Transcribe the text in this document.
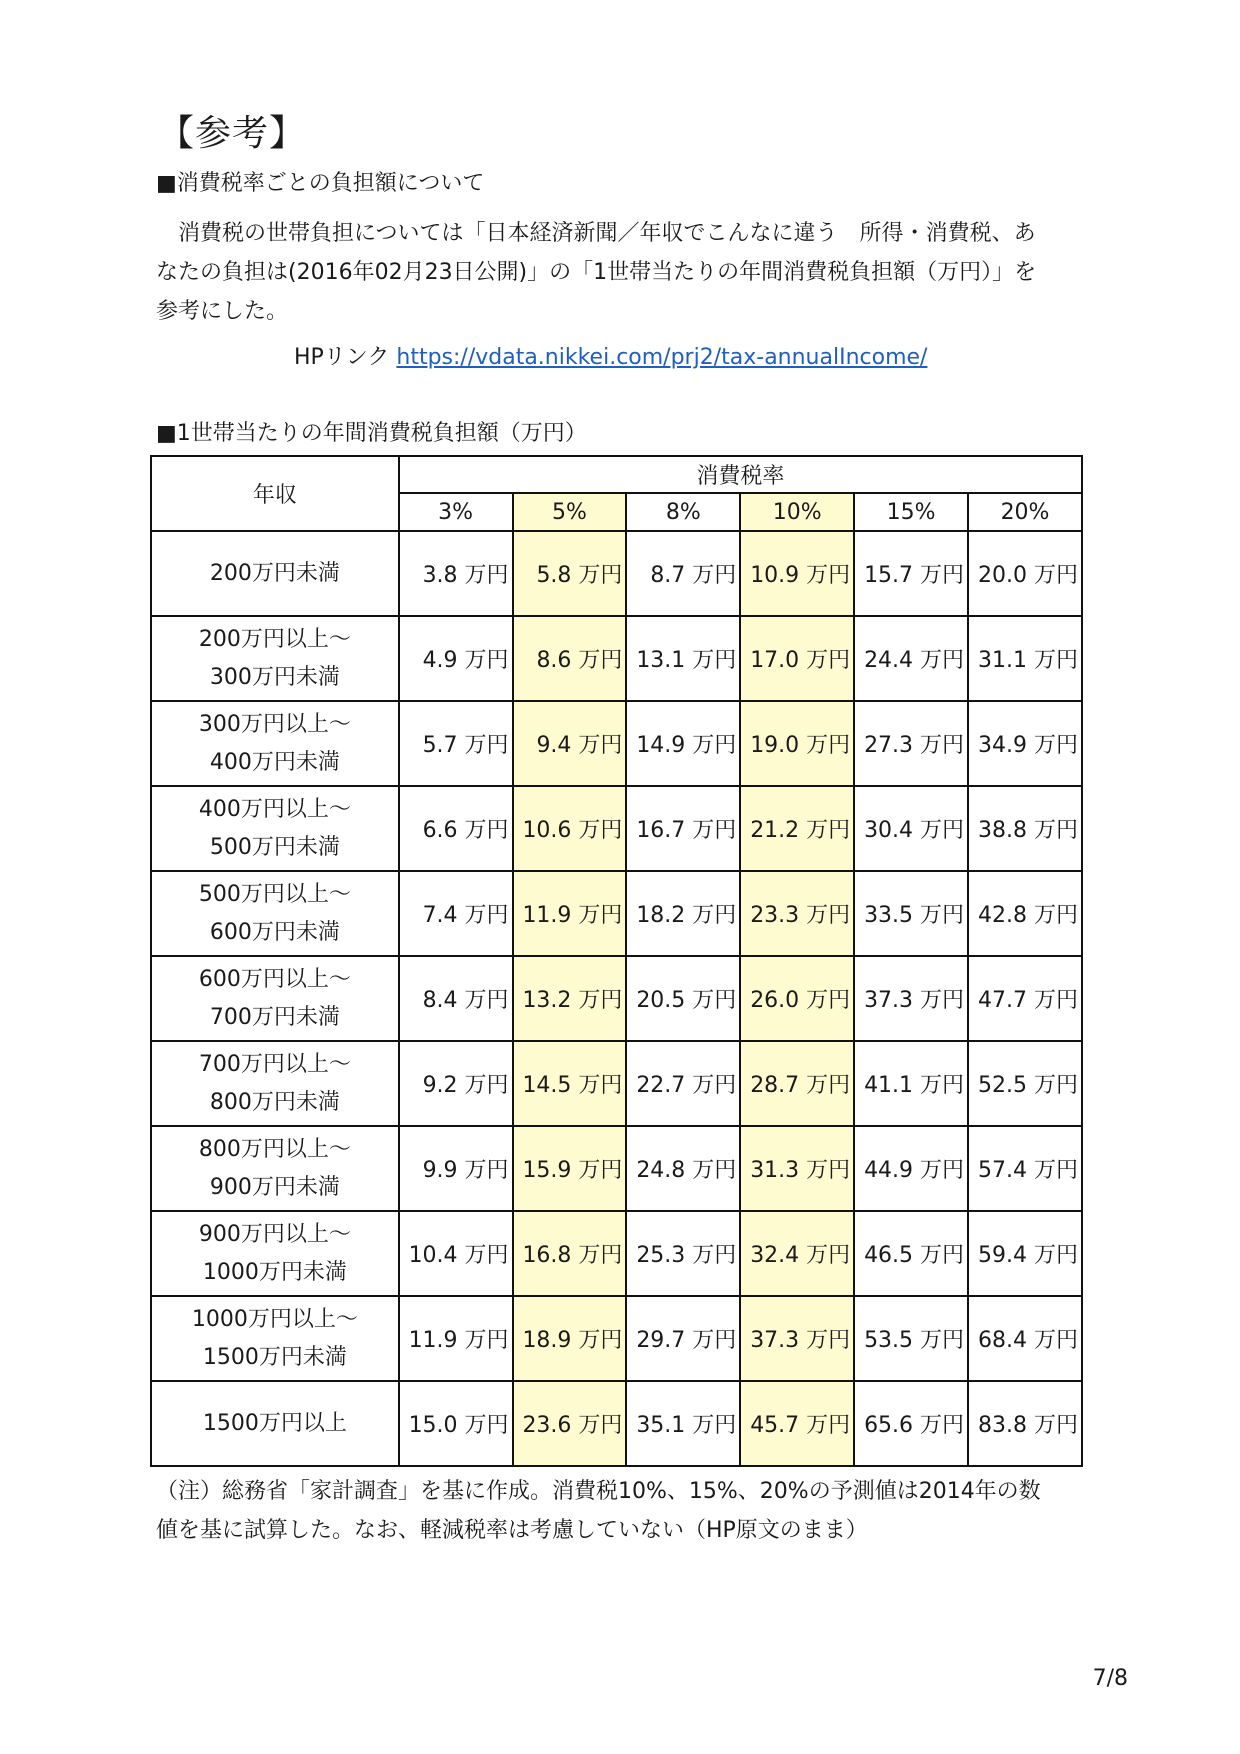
【参考】
■消費税率ごとの負担額について
　消費税の世帯負担については「日本経済新聞／年収でこんなに違う　所得・消費税、あ
なたの負担は(2016年02月23日公開)」の「1世帯当たりの年間消費税負担額（万円）」を
参考にした。
HPリンク https://vdata.nikkei.com/prj2/tax-annualIncome/
■1世帯当たりの年間消費税負担額（万円）
年収	消費税率					
	3%	5%	8%	10%	15%	20%

200万円未満	3.8 万円	5.8 万円	8.7 万円	10.9 万円	15.7 万円	20.0 万円

200万円以上～
300万円未満	4.9 万円	8.6 万円	13.1 万円	17.0 万円	24.4 万円	31.1 万円

300万円以上～
400万円未満	5.7 万円	9.4 万円	14.9 万円	19.0 万円	27.3 万円	34.9 万円

400万円以上～
500万円未満	6.6 万円	10.6 万円	16.7 万円	21.2 万円	30.4 万円	38.8 万円

500万円以上～
600万円未満	7.4 万円	11.9 万円	18.2 万円	23.3 万円	33.5 万円	42.8 万円

600万円以上～
700万円未満	8.4 万円	13.2 万円	20.5 万円	26.0 万円	37.3 万円	47.7 万円

700万円以上～
800万円未満	9.2 万円	14.5 万円	22.7 万円	28.7 万円	41.1 万円	52.5 万円

800万円以上～
900万円未満	9.9 万円	15.9 万円	24.8 万円	31.3 万円	44.9 万円	57.4 万円

900万円以上～
1000万円未満	10.4 万円	16.8 万円	25.3 万円	32.4 万円	46.5 万円	59.4 万円

1000万円以上～
1500万円未満	11.9 万円	18.9 万円	29.7 万円	37.3 万円	53.5 万円	68.4 万円

1500万円以上	15.0 万円	23.6 万円	35.1 万円	45.7 万円	65.6 万円	83.8 万円
（注）総務省「家計調査」を基に作成。消費税10%、15%、20%の予測値は2014年の数
値を基に試算した。なお、軽減税率は考慮していない（HP原文のまま）
7/8
